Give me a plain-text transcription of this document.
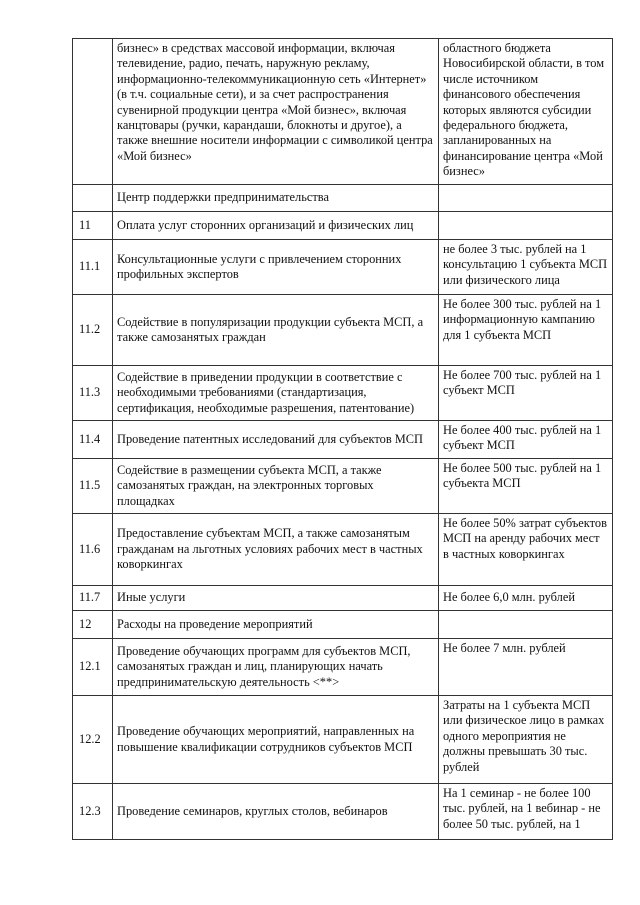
	бизнес» в средствах массовой информации, включая телевидение, радио, печать, наружную рекламу, информационно-телекоммуникационную сеть «Интернет» (в т.ч. социальные сети), и за счет распространения сувенирной продукции центра «Мой бизнес», включая канцтовары (ручки, карандаши, блокноты и другое), а также внешние носители информации с символикой центра «Мой бизнес»	областного бюджета Новосибирской области, в том числе источником финансового обеспечения которых являются субсидии федерального бюджета, запланированных на финансирование центра «Мой бизнес»
	Центр поддержки предпринимательства	
11	Оплата услуг сторонних организаций и физических лиц	
11.1	Консультационные услуги с привлечением сторонних профильных экспертов	не более 3 тыс. рублей на 1 консультацию 1 субъекта МСП или физического лица
11.2	Содействие в популяризации продукции субъекта МСП, а также самозанятых граждан	Не более 300 тыс. рублей на 1 информационную кампанию для 1 субъекта МСП
11.3	Содействие в приведении продукции в соответствие с необходимыми требованиями (стандартизация, сертификация, необходимые разрешения, патентование)	Не более 700 тыс. рублей на 1 субъект МСП
11.4	Проведение патентных исследований для субъектов МСП	Не более 400 тыс. рублей на 1 субъект МСП
11.5	Содействие в размещении субъекта МСП, а также самозанятых граждан, на электронных торговых площадках	Не более 500 тыс. рублей на 1 субъекта МСП
11.6	Предоставление субъектам МСП, а также самозанятым гражданам на льготных условиях рабочих мест в частных коворкингах	Не более 50% затрат субъектов МСП на аренду рабочих мест в частных коворкингах
11.7	Иные услуги	Не более 6,0 млн. рублей
12	Расходы на проведение мероприятий	
12.1	Проведение обучающих программ для субъектов МСП, самозанятых граждан и лиц, планирующих начать предпринимательскую деятельность <**>	Не более 7 млн. рублей
12.2	Проведение обучающих мероприятий, направленных на повышение квалификации сотрудников субъектов МСП	Затраты на 1 субъекта МСП или физическое лицо в рамках одного мероприятия не должны превышать 30 тыс. рублей
12.3	Проведение семинаров, круглых столов, вебинаров	На 1 семинар - не более 100 тыс. рублей, на 1 вебинар - не более 50 тыс. рублей, на 1
